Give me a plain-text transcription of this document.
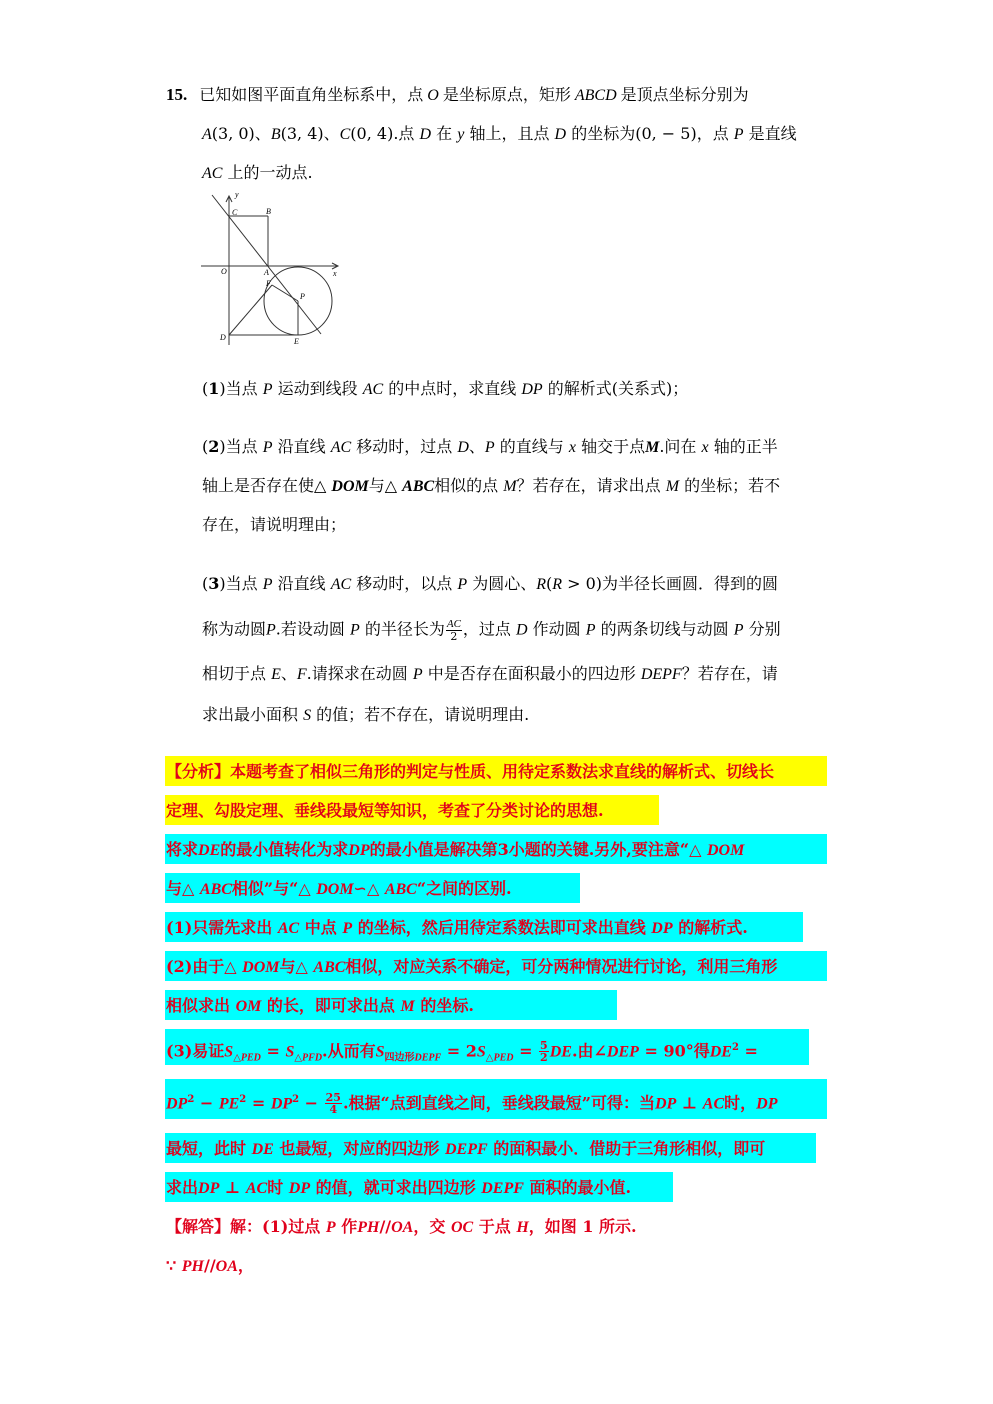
15. 已知如图平面直角坐标系中，点 O 是坐标原点，矩形 ABCD 是顶点坐标分别为
A(3, 0)、B(3, 4)、C(0, 4).点 D 在 y 轴上，且点 D 的坐标为(0, − 5)，点 P 是直线
AC 上的一动点.
y
x
O	A
B
C
D	E
F
P
(1)当点 P 运动到线段 AC 的中点时，求直线 DP 的解析式(关系式)；
(2)当点 P 沿直线 AC 移动时，过点 D、P 的直线与 x 轴交于点M.问在 x 轴的正半
轴上是否存在使△ DOM与△ ABC相似的点 M？若存在，请求出点 M 的坐标；若不
存在，请说明理由；
(3)当点 P 沿直线 AC 移动时，以点 P 为圆心、R(R > 0)为半径长画圆．得到的圆
称为动圆P.若设动圆 P 的半径长为 $\frac{AC}{2}$ ，过点 D 作动圆 P 的两条切线与动圆 P 分别
相切于点 E、F.请探求在动圆 P 中是否存在面积最小的四边形 DEPF？若存在，请
求出最小面积 S 的值；若不存在，请说明理由.
【分析】本题考查了相似三角形的判定与性质、用待定系数法求直线的解析式、切线长
定理、勾股定理、垂线段最短等知识，考查了分类讨论的思想.
将求DE的最小值转化为求DP的最小值是解决第3小题的关键.另外,要注意“△ DOM
与△ ABC相似”与“△ DOM∽△ ABC“之间的区别.
(1)只需先求出 AC 中点 P 的坐标，然后用待定系数法即可求出直线 DP 的解析式.
(2)由于△ DOM与△ ABC相似，对应关系不确定，可分两种情况进行讨论，利用三角形
相似求出 OM 的长，即可求出点 M 的坐标.
(3)易证$S_{\triangle PED} = S_{\triangle PFD}$.从而有$S_{四边形DEPF} = 2S_{\triangle PED} = \frac{5}{2}$ DE.由∠DEP = 90°得$DE^2$ =
$DP^2 - PE^2 = DP^2 - \frac{25}{4}$ .根据“点到直线之间，垂线段最短”可得：当DP ⊥ AC时，DP
最短，此时 DE 也最短，对应的四边形 DEPF 的面积最小．借助于三角形相似，即可
求出DP ⊥ AC时 DP 的值，就可求出四边形 DEPF 面积的最小值.
【解答】解：(1)过点 P 作PH//OA，交 OC 于点 H，如图 1 所示.
∵ PH//OA，
